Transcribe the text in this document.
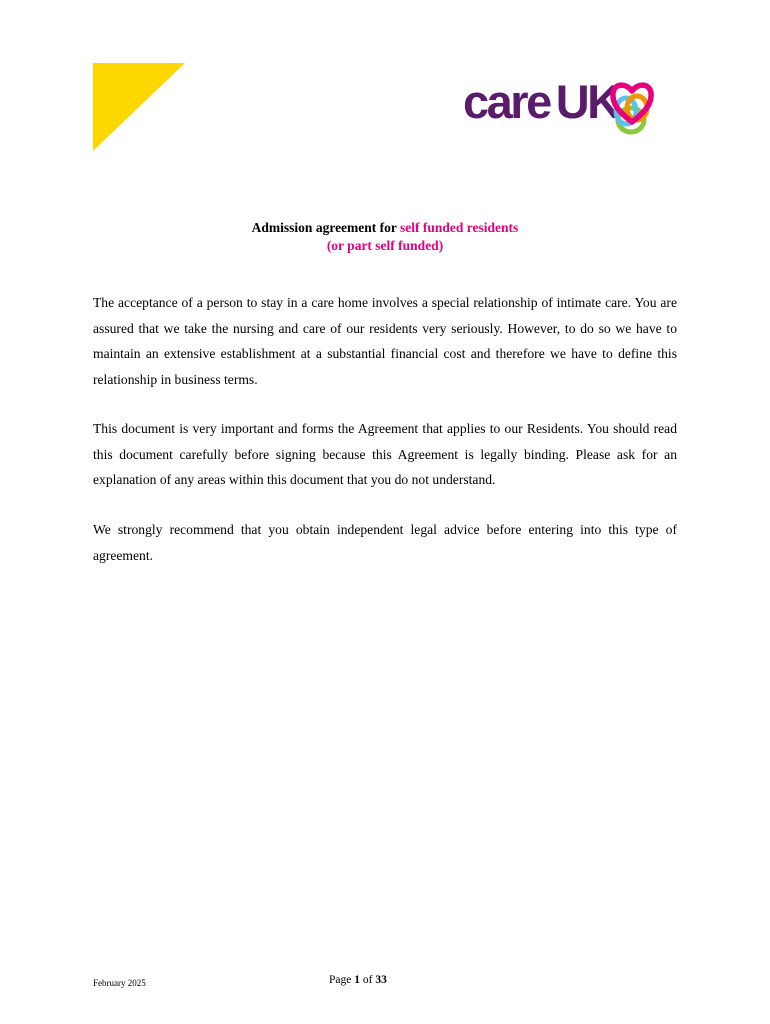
care UK
Admission agreement for self funded residents
(or part self funded)

The acceptance of a person to stay in a care home involves a special relationship of intimate care. You are assured that we take the nursing and care of our residents very seriously. However, to do so we have to maintain an extensive establishment at a substantial financial cost and therefore we have to define this relationship in business terms.

This document is very important and forms the Agreement that applies to our Residents. You should read this document carefully before signing because this Agreement is legally binding. Please ask for an explanation of any areas within this document that you do not understand.

We strongly recommend that you obtain independent legal advice before entering into this type of agreement.

February 2025	Page 1 of 33
